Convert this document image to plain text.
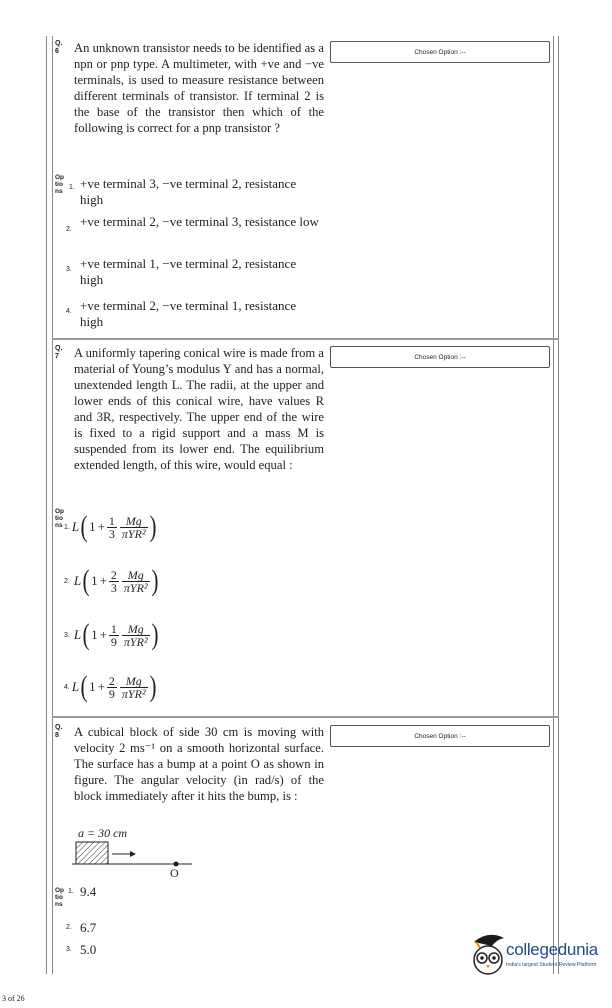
Q. 6	An unknown transistor needs to be identified as a npn or pnp type. A multimeter, with +ve and −ve terminals, is used to measure resistance between different terminals of transistor. If terminal 2 is the base of the transistor then which of the following is correct for a pnp transistor ?
Chosen Option :--
Op tio ns
1. +ve terminal 3, −ve terminal 2, resistance high
2.
+ve terminal 2, −ve terminal 3, resistance low
3. +ve terminal 1, −ve terminal 2, resistance high
4. +ve terminal 2, −ve terminal 1, resistance high
Q. 7	A uniformly tapering conical wire is made from a material of Young’s modulus Y and has a normal, unextended length L. The radii, at the upper and lower ends of this conical wire, have values R and 3R, respectively. The upper end of the wire is fixed to a rigid support and a mass M is suspended from its lower end. The equilibrium extended length, of this wire, would equal :
Chosen Option :--
Op tio ns 1. L ( $1 + \frac{1}{3} \frac{Mg}{\text{πYR²}}$ )
2. L ( $1 + \frac{2}{3} \frac{Mg}{\text{πYR²}}$ )
3. L ( $1 + \frac{1}{9} \frac{Mg}{\text{πYR²}}$ )
4. L ( $1 + \frac{2}{9} \frac{Mg}{\text{πYR²}}$ )
Q. 8	A cubical block of side 30 cm is moving with velocity 2 ms⁻¹ on a smooth horizontal surface. The surface has a bump at a point O as shown in figure. The angular velocity (in rad/s) of the block immediately after it hits the bump, is :
Chosen Option :--
a = 30 cm
O
Op tio ns
1. 9.4
2. 6.7
3. 5.0	collegedunia
India's largest Student Review Platform
3 of 26
